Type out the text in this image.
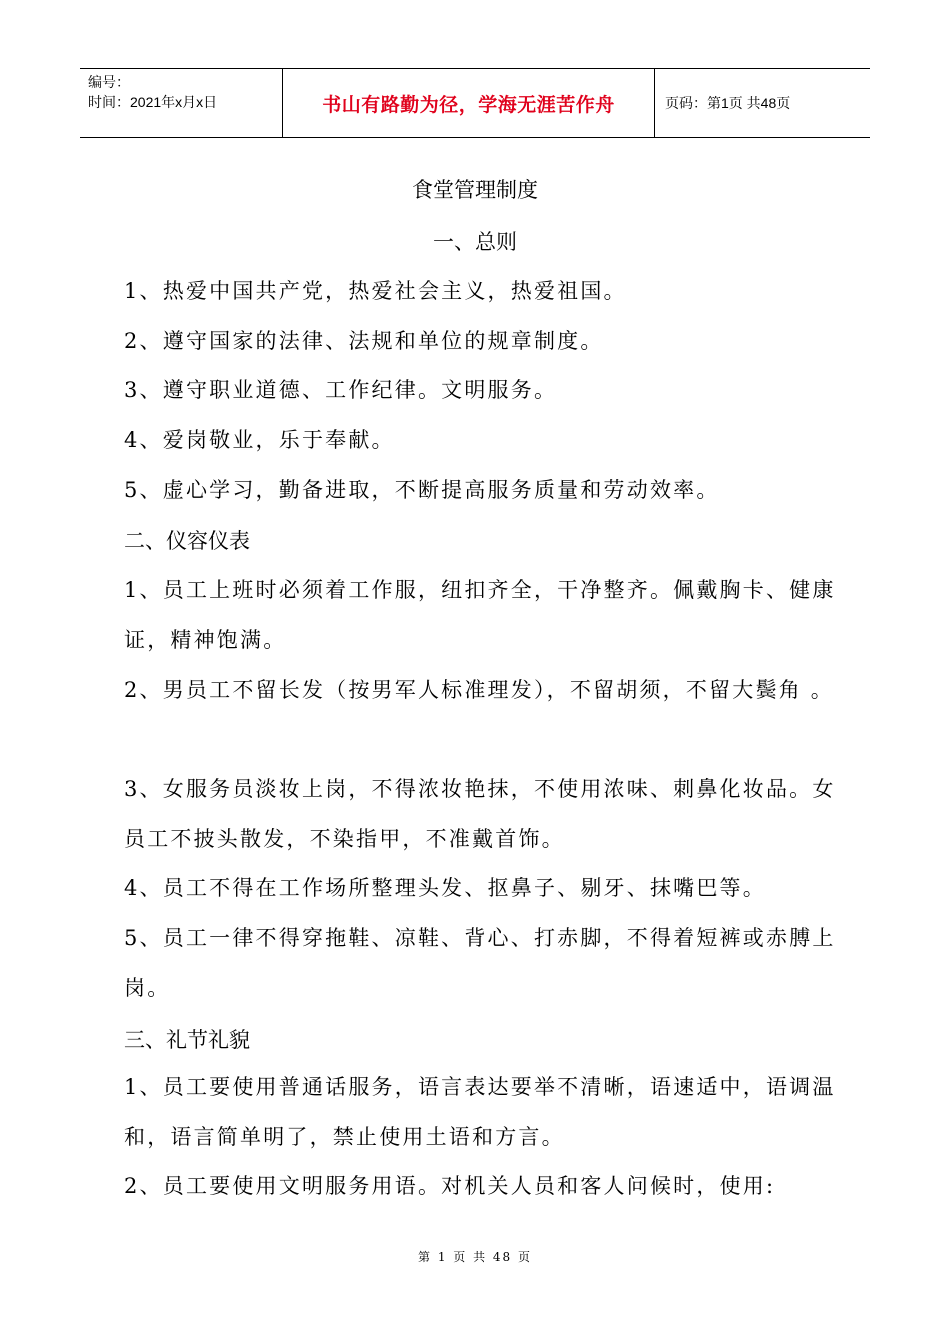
编号：
时间：2021年x月x日	书山有路勤为径，学海无涯苦作舟	页码：第1页 共48页
食堂管理制度
一、总则
1、热爱中国共产党，热爱社会主义，热爱祖国。
2、遵守国家的法律、法规和单位的规章制度。
3、遵守职业道德、工作纪律。文明服务。
4、爱岗敬业，乐于奉献。
5、虚心学习，勤备进取，不断提高服务质量和劳动效率。
二、仪容仪表
1、员工上班时必须着工作服，纽扣齐全，干净整齐。佩戴胸卡、健康证，精神饱满。
2、男员工不留长发（按男军人标准理发），不留胡须，不留大鬓角 。
3、女服务员淡妆上岗，不得浓妆艳抹，不使用浓味、刺鼻化妆品。女员工不披头散发，不染指甲，不准戴首饰。
4、员工不得在工作场所整理头发、抠鼻子、剔牙、抹嘴巴等。
5、员工一律不得穿拖鞋、凉鞋、背心、打赤脚，不得着短裤或赤膊上岗。
三、礼节礼貌
1、员工要使用普通话服务，语言表达要举不清晰，语速适中，语调温和，语言简单明了，禁止使用土语和方言。
2、员工要使用文明服务用语。对机关人员和客人问候时，使用:
第 1 页 共 48 页
